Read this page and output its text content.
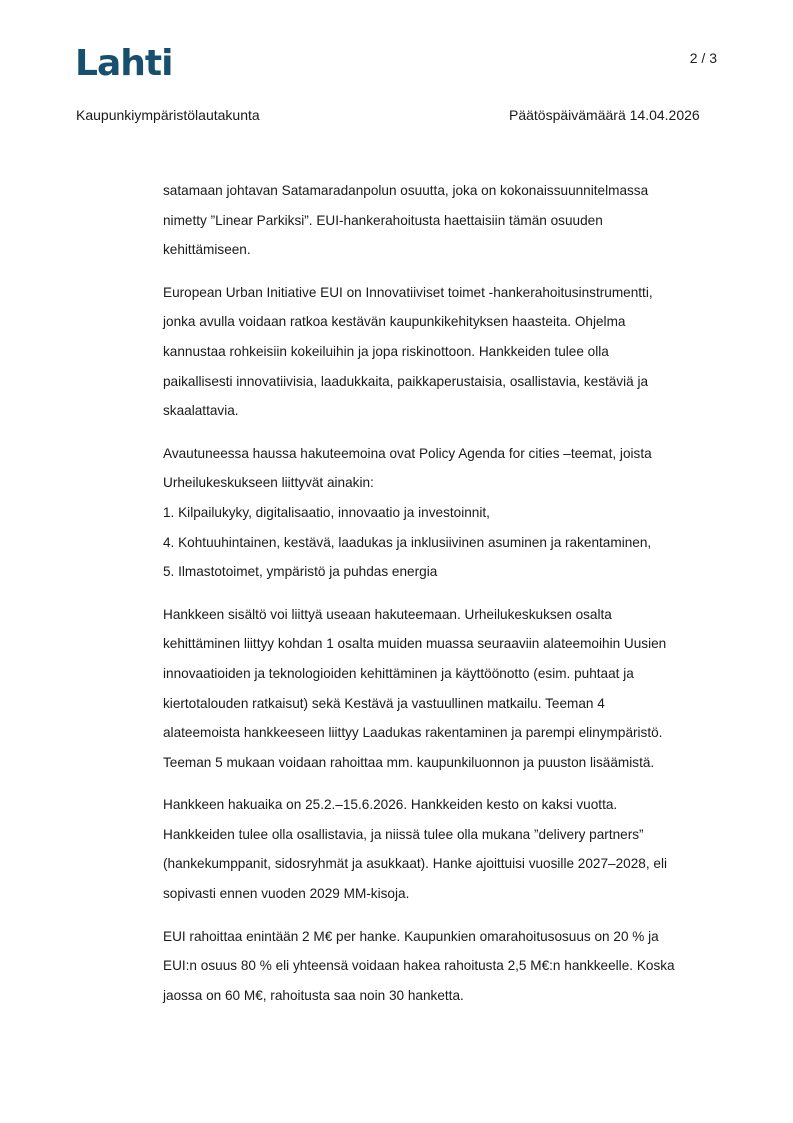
Lahti	2 / 3
Kaupunkiympäristölautakunta	Päätöspäivämäärä 14.04.2026
satamaan johtavan Satamaradanpolun osuutta, joka on kokonaissuunnitelmassa
nimetty ”Linear Parkiksi”. EUI-hankerahoitusta haettaisiin tämän osuuden
kehittämiseen.
European Urban Initiative EUI on Innovatiiviset toimet -hankerahoitusinstrumentti,
jonka avulla voidaan ratkoa kestävän kaupunkikehityksen haasteita. Ohjelma
kannustaa rohkeisiin kokeiluihin ja jopa riskinottoon. Hankkeiden tulee olla
paikallisesti innovatiivisia, laadukkaita, paikkaperustaisia, osallistavia, kestäviä ja
skaalattavia.
Avautuneessa haussa hakuteemoina ovat Policy Agenda for cities –teemat, joista
Urheilukeskukseen liittyvät ainakin:
1. Kilpailukyky, digitalisaatio, innovaatio ja investoinnit,
4. Kohtuuhintainen, kestävä, laadukas ja inklusiivinen asuminen ja rakentaminen,
5. Ilmastotoimet, ympäristö ja puhdas energia
Hankkeen sisältö voi liittyä useaan hakuteemaan. Urheilukeskuksen osalta
kehittäminen liittyy kohdan 1 osalta muiden muassa seuraaviin alateemoihin Uusien
innovaatioiden ja teknologioiden kehittäminen ja käyttöönotto (esim. puhtaat ja
kiertotalouden ratkaisut) sekä Kestävä ja vastuullinen matkailu. Teeman 4
alateemoista hankkeeseen liittyy Laadukas rakentaminen ja parempi elinympäristö.
Teeman 5 mukaan voidaan rahoittaa mm. kaupunkiluonnon ja puuston lisäämistä.
Hankkeen hakuaika on 25.2.–15.6.2026. Hankkeiden kesto on kaksi vuotta.
Hankkeiden tulee olla osallistavia, ja niissä tulee olla mukana ”delivery partners”
(hankekumppanit, sidosryhmät ja asukkaat). Hanke ajoittuisi vuosille 2027–2028, eli
sopivasti ennen vuoden 2029 MM-kisoja.
EUI rahoittaa enintään 2 M€ per hanke. Kaupunkien omarahoitusosuus on 20 % ja
EUI:n osuus 80 % eli yhteensä voidaan hakea rahoitusta 2,5 M€:n hankkeelle. Koska
jaossa on 60 M€, rahoitusta saa noin 30 hanketta.
